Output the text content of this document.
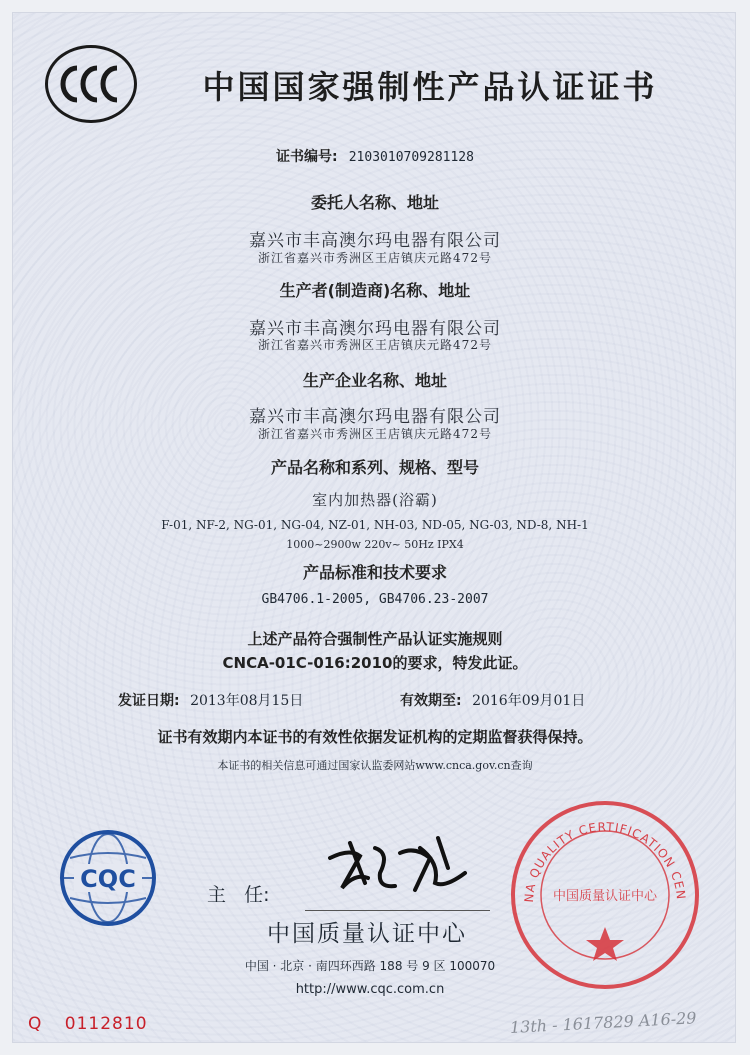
中国国家强制性产品认证证书
证书编号: 2103010709281128
委托人名称、地址
嘉兴市丰高澳尔玛电器有限公司
浙江省嘉兴市秀洲区王店镇庆元路472号
生产者(制造商)名称、地址
嘉兴市丰高澳尔玛电器有限公司
浙江省嘉兴市秀洲区王店镇庆元路472号
生产企业名称、地址
嘉兴市丰高澳尔玛电器有限公司
浙江省嘉兴市秀洲区王店镇庆元路472号
产品名称和系列、规格、型号
室内加热器(浴霸)
F-01, NF-2, NG-01, NG-04, NZ-01, NH-03, ND-05, NG-03, ND-8, NH-1
1000~2900w 220v~ 50Hz IPX4
产品标准和技术要求
GB4706.1-2005, GB4706.23-2007
上述产品符合强制性产品认证实施规则
CNCA-01C-016:2010的要求，特发此证。
发证日期: 2013年08月15日	有效期至: 2016年09月01日
证书有效期内本证书的有效性依据发证机构的定期监督获得保持。
本证书的相关信息可通过国家认监委网站www.cnca.gov.cn查询
CQC
主   任:
中国质量认证中心
中国 · 北京 · 南四环西路 188 号 9 区 100070
http://www.cqc.com.cn
NA QUALITY CERTIFICATION CEN
中国质量认证中心
Q 0112810	13th - 1617829 A16-29
